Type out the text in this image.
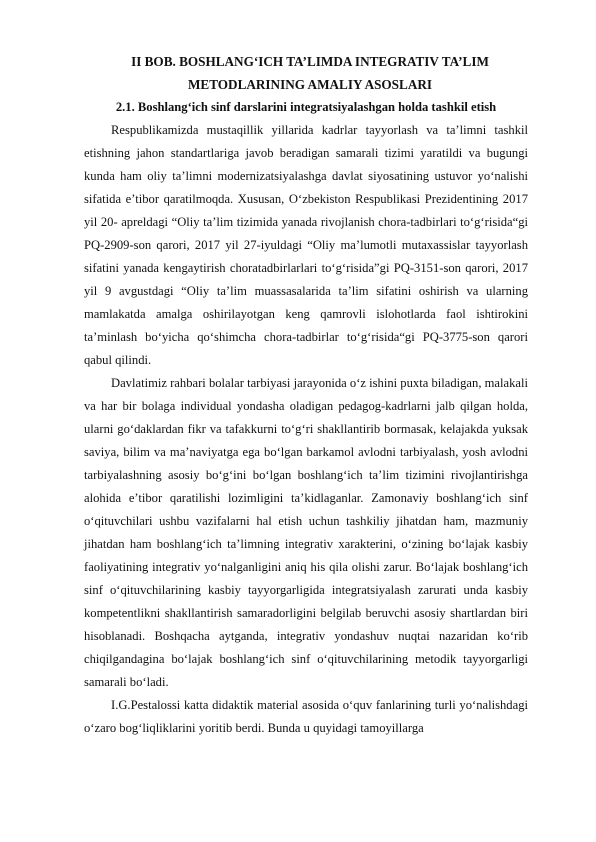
II BOB. BOSHLANG‘ICH TA’LIMDA INTEGRATIV TA’LIM
METODLARINING AMALIY ASOSLARI
2.1. Boshlang‘ich sinf darslarini integratsiyalashgan holda tashkil etish

Respublikamizda mustaqillik yillarida kadrlar tayyorlash va ta’limni tashkil etishning jahon standartlariga javob beradigan samarali tizimi yaratildi va bugungi kunda ham oliy ta’limni modernizatsiyalashga davlat siyosatining ustuvor yo‘nalishi sifatida e’tibor qaratilmoqda. Xususan, O‘zbekiston Respublikasi Prezidentining 2017 yil 20- apreldagi “Oliy ta’lim tizimida yanada rivojlanish chora-tadbirlari to‘g‘risida“gi PQ-2909-son qarori, 2017 yil 27-iyuldagi “Oliy ma’lumotli mutaxassislar tayyorlash sifatini yanada kengaytirish choratadbirlarlari to‘g‘risida”gi PQ-3151-son qarori, 2017 yil 9 avgustdagi “Oliy ta’lim muassasalarida ta’lim sifatini oshirish va ularning mamlakatda amalga oshirilayotgan keng qamrovli islohotlarda faol ishtirokini ta’minlash bo‘yicha qo‘shimcha chora-tadbirlar to‘g‘risida“gi PQ-3775-son qarori qabul qilindi.

Davlatimiz rahbari bolalar tarbiyasi jarayonida o‘z ishini puxta biladigan, malakali va har bir bolaga individual yondasha oladigan pedagog-kadrlarni jalb qilgan holda, ularni go‘daklardan fikr va tafakkurni to‘g‘ri shakllantirib bormasak, kelajakda yuksak saviya, bilim va ma’naviyatga ega bo‘lgan barkamol avlodni tarbiyalash, yosh avlodni tarbiyalashning asosiy bo‘g‘ini bo‘lgan boshlang‘ich ta’lim tizimini rivojlantirishga alohida e’tibor qaratilishi lozimligini ta’kidlaganlar. Zamonaviy boshlang‘ich sinf o‘qituvchilari ushbu vazifalarni hal etish uchun tashkiliy jihatdan ham, mazmuniy jihatdan ham boshlang‘ich ta’limning integrativ xarakterini, o‘zining bo‘lajak kasbiy faoliyatining integrativ yo‘nalganligini aniq his qila olishi zarur. Bo‘lajak boshlang‘ich sinf o‘qituvchilarining kasbiy tayyorgarligida integratsiyalash zarurati unda kasbiy kompetentlikni shakllantirish samaradorligini belgilab beruvchi asosiy shartlardan biri hisoblanadi. Boshqacha aytganda, integrativ yondashuv nuqtai nazaridan ko‘rib chiqilgandagina bo‘lajak boshlang‘ich sinf o‘qituvchilarining metodik tayyorgarligi samarali bo‘ladi.

I.G.Pestalossi katta didaktik material asosida o‘quv fanlarining turli yo‘nalishdagi o‘zaro bog‘liqliklarini yoritib berdi. Bunda u quyidagi tamoyillarga
